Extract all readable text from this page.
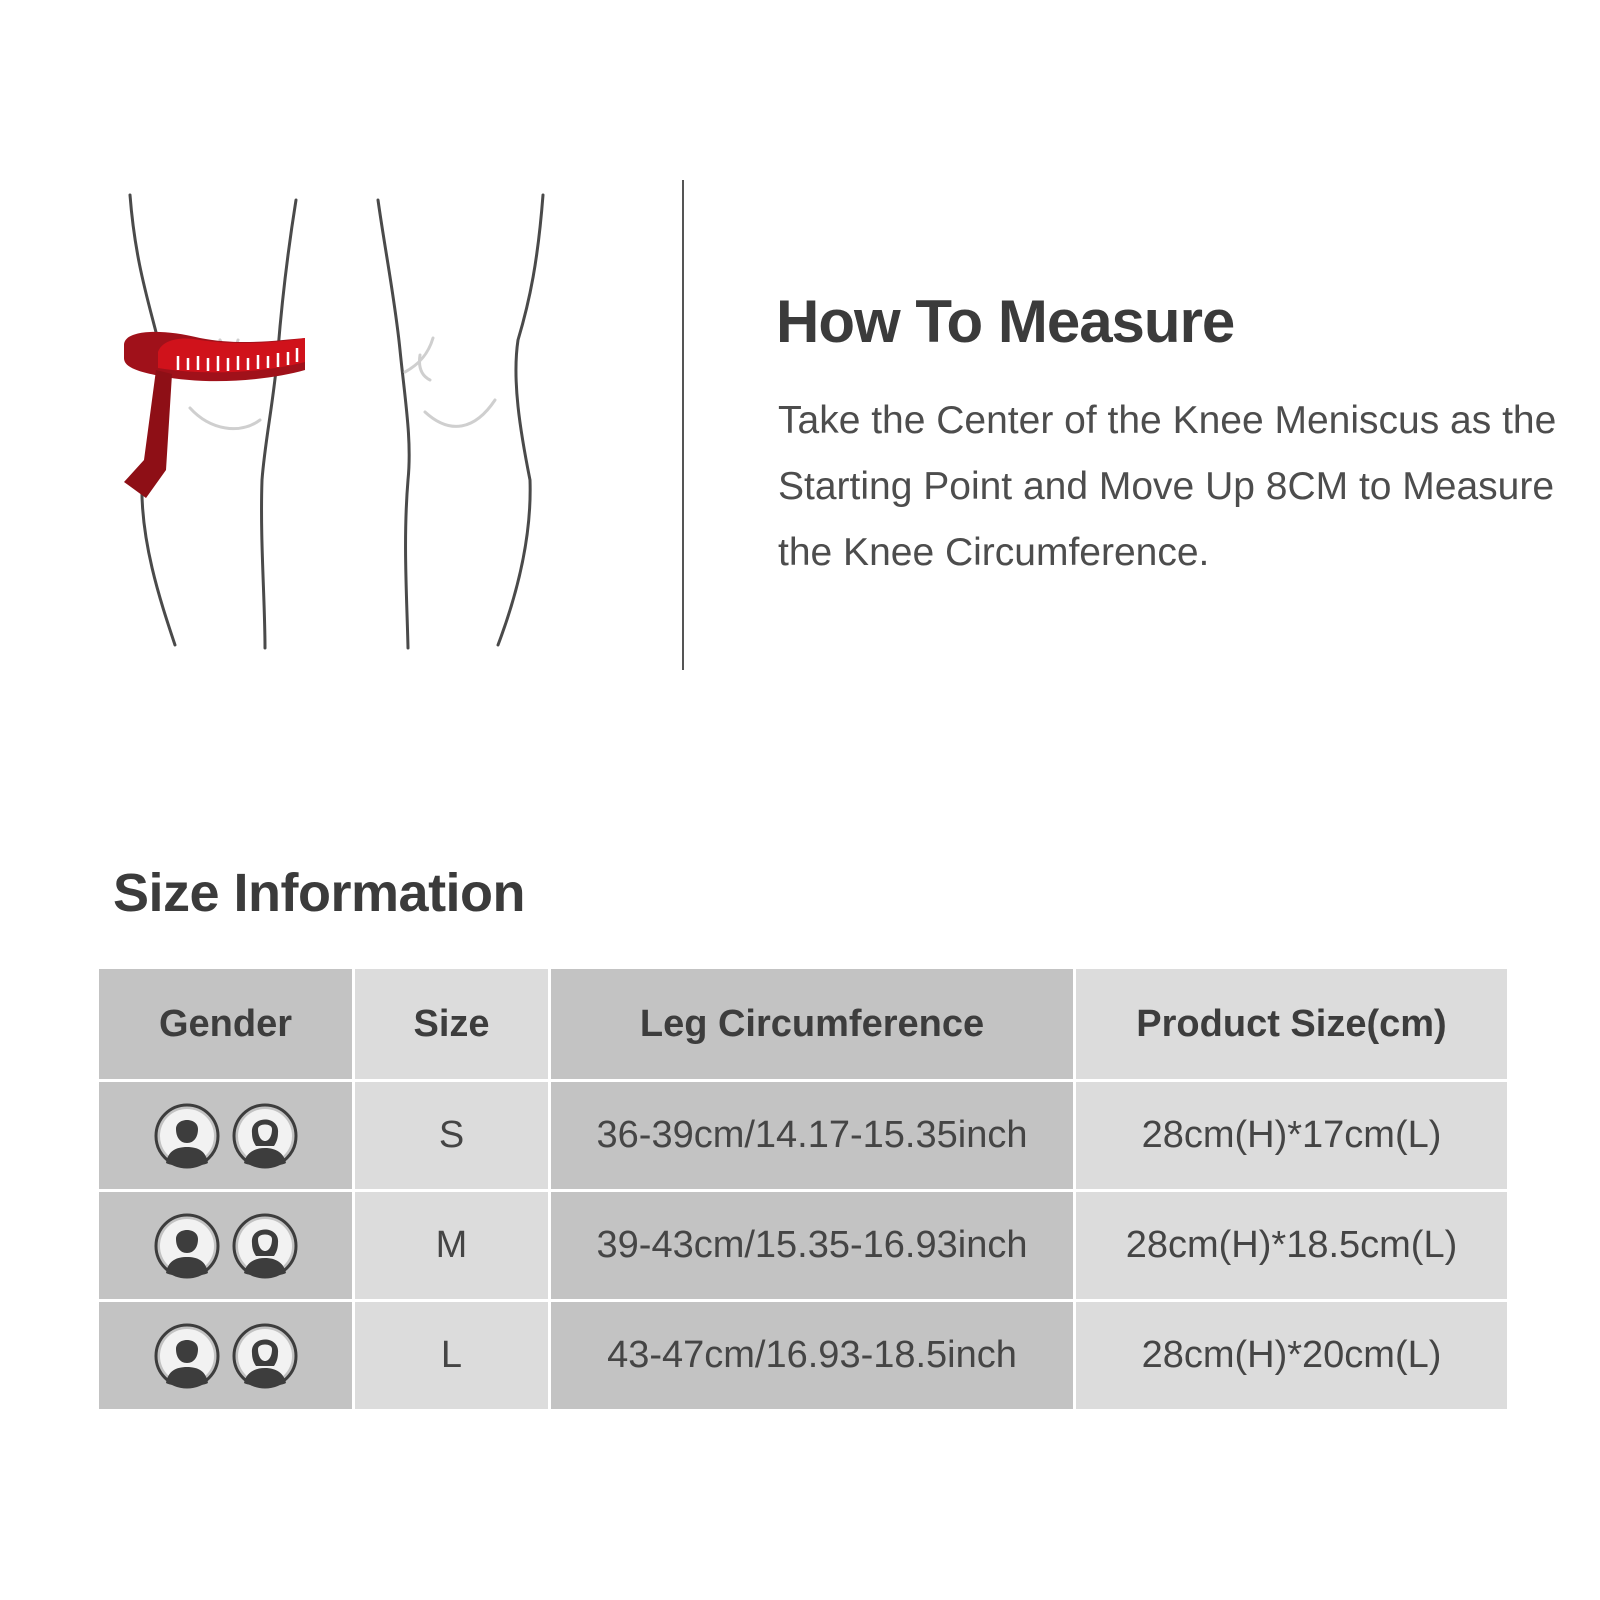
How To Measure

Take the Center of the Knee Meniscus as the Starting Point and Move Up 8CM to Measure the Knee Circumference.

Size Information
Gender	Size	Leg Circumference	Product Size(cm)

	S	36-39cm/14.17-15.35inch	28cm(H)*17cm(L)

	M	39-43cm/15.35-16.93inch	28cm(H)*18.5cm(L)

	L	43-47cm/16.93-18.5inch	28cm(H)*20cm(L)
